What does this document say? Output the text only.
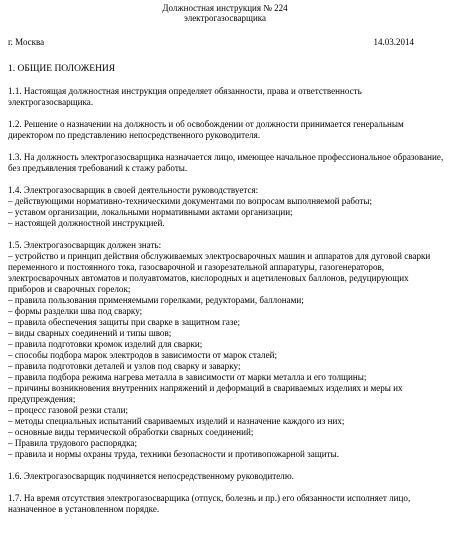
Должностная инструкция № 224
электрогазосварщика
г. Москва	14.03.2014
1. ОБЩИЕ ПОЛОЖЕНИЯ

1.1. Настоящая должностная инструкция определяет обязанности, права и ответственность электрогазосварщика.

1.2. Решение о назначении на должность и об освобождении от должности принимается генеральным директором по представлению непосредственного руководителя.

1.3. На должность электрогазосварщика назначается лицо, имеющее начальное профессиональное образование, без предъявления требований к стажу работы.

1.4. Электрогазосварщик в своей деятельности руководствуется:

– действующими нормативно-техническими документами по вопросам выполняемой работы;
– уставом организации, локальными нормативными актами организации;
– настоящей должностной инструкцией.

1.5. Электрогазосварщик должен знать:

– устройство и принцип действия обслуживаемых электросварочных машин и аппаратов для дуговой сварки переменного и постоянного тока, газосварочной и газорезательной аппаратуры, газогенераторов, электросварочных автоматов и полуавтоматов, кислородных и ацетиленовых баллонов, редуцирующих приборов и сварочных горелок;
– правила пользования применяемыми горелками, редукторами, баллонами;
– формы разделки шва под сварку;
– правила обеспечения защиты при сварке в защитном газе;
– виды сварных соединений и типы швов;
– правила подготовки кромок изделий для сварки;
– способы подбора марок электродов в зависимости от марок сталей;
– правила подготовки деталей и узлов под сварку и заварку;
– правила подбора режима нагрева металла в зависимости от марки металла и его толщины;
– причины возникновения внутренних напряжений и деформаций в свариваемых изделиях и меры их предупреждения;
– процесс газовой резки стали;
– методы специальных испытаний свариваемых изделий и назначение каждого из них;
– основные виды термической обработки сварных соединений;
– Правила трудового распорядка;
– правила и нормы охраны труда, техники безопасности и противопожарной защиты.

1.6. Электрогазосварщик подчиняется непосредственному руководителю.

1.7. На время отсутствия электрогазосварщика (отпуск, болезнь и пр.) его обязанности исполняет лицо, назначенное в установленном порядке.
